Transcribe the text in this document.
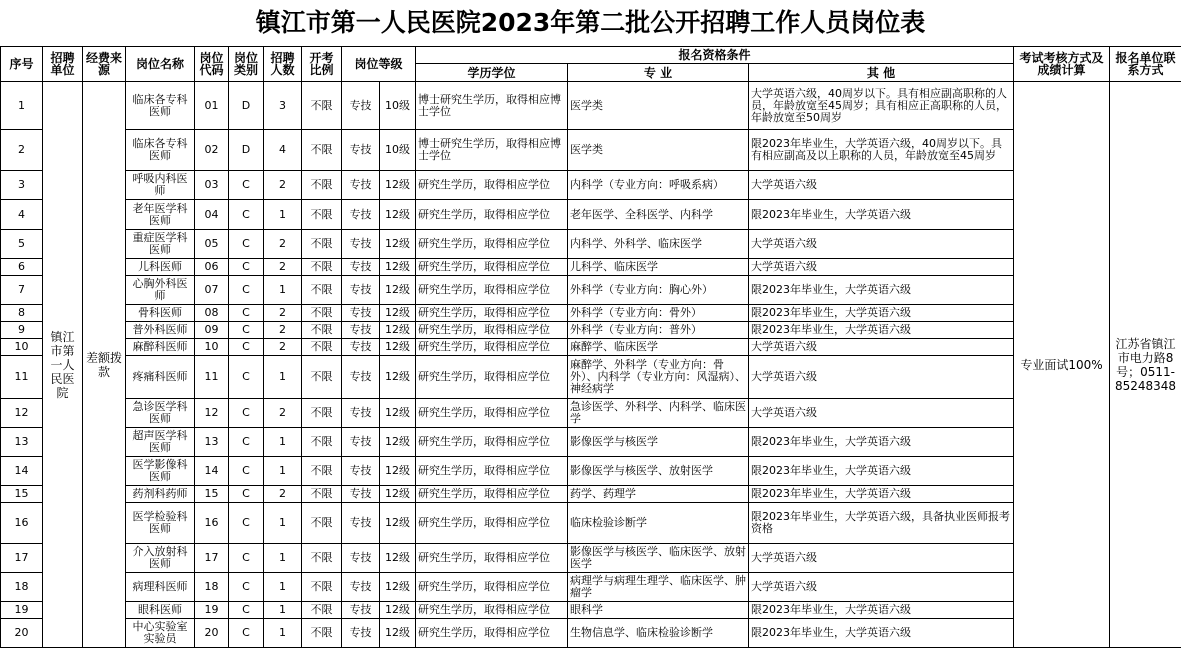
镇江市第一人民医院2023年第二批公开招聘工作人员岗位表
序号	招聘单位	经费来源	岗位名称	岗位代码	岗位类别	招聘人数	开考比例	岗位等级		报名资格条件			考试考核方式及成绩计算	报名单位联系方式
										学历学位	专 业	其 他		
1	镇江市第一人民医院	差额拨款	临床各专科医师	01	D	3	不限	专技	10级	博士研究生学历，取得相应博士学位	医学类	大学英语六级，40周岁以下。具有相应副高职称的人员，年龄放宽至45周岁；具有相应正高职称的人员，年龄放宽至50周岁	专业面试100%	江苏省镇江市电力路8号；0511-85248348
2			临床各专科医师	02	D	4	不限	专技	10级	博士研究生学历，取得相应博士学位	医学类	限2023年毕业生，大学英语六级，40周岁以下。具有相应副高及以上职称的人员，年龄放宽至45周岁		
3			呼吸内科医师	03	C	2	不限	专技	12级	研究生学历，取得相应学位	内科学（专业方向：呼吸系病）	大学英语六级		
4			老年医学科医师	04	C	1	不限	专技	12级	研究生学历，取得相应学位	老年医学、全科医学、内科学	限2023年毕业生，大学英语六级		
5			重症医学科医师	05	C	2	不限	专技	12级	研究生学历，取得相应学位	内科学、外科学、临床医学	大学英语六级		
6			儿科医师	06	C	2	不限	专技	12级	研究生学历，取得相应学位	儿科学、临床医学	大学英语六级		
7			心胸外科医师	07	C	1	不限	专技	12级	研究生学历，取得相应学位	外科学（专业方向：胸心外）	限2023年毕业生，大学英语六级		
8			骨科医师	08	C	2	不限	专技	12级	研究生学历，取得相应学位	外科学（专业方向：骨外）	限2023年毕业生，大学英语六级		
9			普外科医师	09	C	2	不限	专技	12级	研究生学历，取得相应学位	外科学（专业方向：普外）	限2023年毕业生，大学英语六级		
10			麻醉科医师	10	C	2	不限	专技	12级	研究生学历，取得相应学位	麻醉学、临床医学	大学英语六级		
11			疼痛科医师	11	C	1	不限	专技	12级	研究生学历，取得相应学位	麻醉学、外科学（专业方向：骨外）、内科学（专业方向：风湿病）、神经病学	大学英语六级		
12			急诊医学科医师	12	C	2	不限	专技	12级	研究生学历，取得相应学位	急诊医学、外科学、内科学、临床医学	大学英语六级		
13			超声医学科医师	13	C	1	不限	专技	12级	研究生学历，取得相应学位	影像医学与核医学	限2023年毕业生，大学英语六级		
14			医学影像科医师	14	C	1	不限	专技	12级	研究生学历，取得相应学位	影像医学与核医学、放射医学	限2023年毕业生，大学英语六级		
15			药剂科药师	15	C	2	不限	专技	12级	研究生学历，取得相应学位	药学、药理学	限2023年毕业生，大学英语六级		
16			医学检验科医师	16	C	1	不限	专技	12级	研究生学历，取得相应学位	临床检验诊断学	限2023年毕业生，大学英语六级，具备执业医师报考资格		
17			介入放射科医师	17	C	1	不限	专技	12级	研究生学历，取得相应学位	影像医学与核医学、临床医学、放射医学	大学英语六级		
18			病理科医师	18	C	1	不限	专技	12级	研究生学历，取得相应学位	病理学与病理生理学、临床医学、肿瘤学	大学英语六级		
19			眼科医师	19	C	1	不限	专技	12级	研究生学历，取得相应学位	眼科学	限2023年毕业生，大学英语六级		
20			中心实验室实验员	20	C	1	不限	专技	12级	研究生学历，取得相应学位	生物信息学、临床检验诊断学	限2023年毕业生，大学英语六级		
